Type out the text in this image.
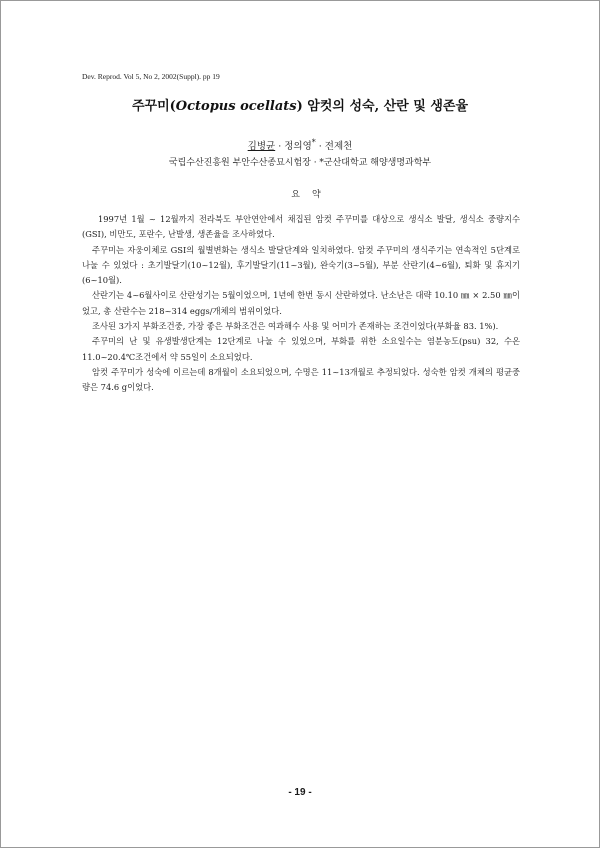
Dev. Reprod. Vol 5, No 2, 2002(Suppl). pp 19
주꾸미(Octopus ocellats) 암컷의 성숙, 산란 및 생존율
김병균 · 정의영* · 전제천
국립수산진흥원 부안수산종묘시험장 · *군산대학교 해양생명과학부
요약

1997년 1월 ~ 12월까지 전라북도 부안연안에서 채집된 암컷 주꾸미를 대상으로 생식소 발달, 생식소 중량지수(GSI), 비만도, 포란수, 난발생, 생존율을 조사하였다.

주꾸미는 자웅이체로 GSI의 월별변화는 생식소 발달단계와 일치하였다. 암컷 주꾸미의 생식주기는 연속적인 5단계로 나눌 수 있었다 : 초기발달기(10~12월), 후기발달기(11~3월), 완숙기(3~5월), 부분 산란기(4~6월), 퇴화 및 휴지기(6~10월).

산란기는 4~6월사이로 산란성기는 5월이었으며, 1년에 한번 동시 산란하였다. 난소난은 대략 10.10 ㎜ × 2.50 ㎜이었고, 총 산란수는 218~314 eggs/개체의 범위이었다.

조사된 3가지 부화조건중, 가장 좋은 부화조건은 여과해수 사용 및 어미가 존재하는 조건이었다(부화율 83. 1%).

주꾸미의 난 및 유생발생단계는 12단계로 나눌 수 있었으며, 부화를 위한 소요일수는 염분농도(psu) 32, 수온 11.0~20.4℃조건에서 약 55일이 소요되었다.

암컷 주꾸미가 성숙에 이르는데 8개월이 소요되었으며, 수명은 11~13개월로 추정되었다. 성숙한 암컷 개체의 평균중량은 74.6 g이었다.

- 19 -
